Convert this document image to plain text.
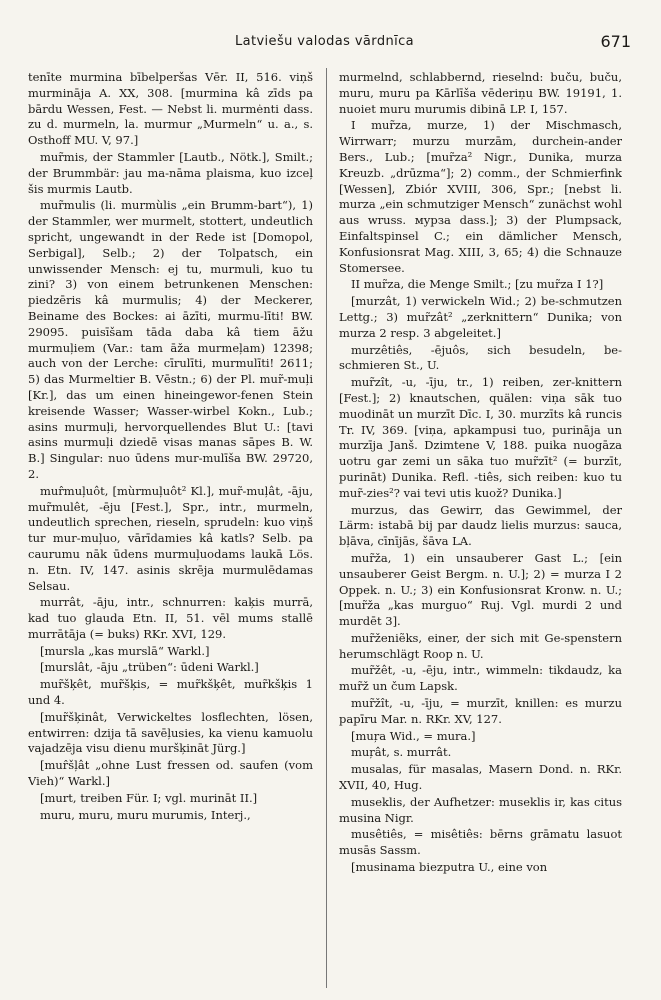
Latviešu valodas vārdnīca	671

tenīte murmina bībelperšas Vēr. II, 516. viņš murmināja A. XX, 308. [murmina kâ zīds pa bārdu Wessen, Fest. — Nebst li. murmėnti dass. zu d. murmeln, la. murmur „Murmeln“ u. a., s. Osthoff MU. V, 97.]

mur̃mis, der Stammler [Lautb., Nötk.], Smilt.; der Brummbär: jau ma-nāma plaisma, kuo izceļ šis murmis Lautb.

mur̃mulis (li. murmùlis „ein Brumm-bart“), 1) der Stammler, wer murmelt, stottert, undeutlich spricht, ungewandt in der Rede ist [Domopol, Serbigal], Selb.; 2) der Tolpatsch, ein unwissender Mensch: ej tu, murmuli, kuo tu zini? 3) von einem betrunkenen Menschen: piedzēris kâ murmulis; 4) der Meckerer, Beiname des Bockes: ai āzīti, murmu-līti! BW. 29095. puisīšam tāda daba kâ tiem āžu murmuļiem (Var.: tam āža murmeļam) 12398; auch von der Lerche: cīrulīti, murmulīti! 2611; 5) das Murmeltier B. Vēstn.; 6) der Pl. mur̃-muļi [Kr.], das um einen hineingewor-fenen Stein kreisende Wasser; Wasser-wirbel Kokn., Lub.; asins murmuļi, hervorquellendes Blut U.: [tavi asins murmuļi dziedē visas manas sāpes B. W. B.] Singular: nuo ūdens mur-mulīša BW. 29720, 2.

mur̂muļuôt, [mùrmuļuôt² Kl.], mur̃-muļât, -āju, mur̃mulêt, -ēju [Fest.], Spr., intr., murmeln, undeutlich sprechen, rieseln, sprudeln: kuo viņš tur mur-muļuo, vārīdamies kâ katls? Selb. pa caurumu nāk ūdens murmuļuodams laukā Lös. n. Etn. IV, 147. asinis skrēja murmulēdamas Selsau.

murrât, -āju, intr., schnurren: kaķis murrā, kad tuo glauda Etn. II, 51. vēl mums stallē murrātāja (= buks) RKr. XVI, 129.

[mursla „kas murslā“ Warkl.]

[murslât, -āju „trüben“: ūdeni Warkl.]

mur̃šķêt, mur̃šķis, = mur̃kšķêt, mur̃kšķis 1 und 4.

[mur̃šķinât, Verwickeltes losflechten, lösen, entwirren: dzija tā savēļusies, ka vienu kamuolu vajadzēja visu dienu muršķināt Jürg.]

[mur̂šļât „ohne Lust fressen od. saufen (vom Vieh)“ Warkl.]

[murt, treiben Für. I; vgl. murināt II.]

muru, muru, muru murumis, Interj.,

murmelnd, schlabbernd, rieselnd: buču, buču, muru, muru pa Kārlīša vēderiņu BW. 19191, 1. nuoiet muru murumis dibinā LP. I, 157.

I mur̃za, murze, 1) der Mischmasch, Wirrwarr; murzu murzām, durchein-ander Bers., Lub.; [mur̃za² Nigr., Dunika, murza Kreuzb. „drūzma“]; 2) comm., der Schmierfink [Wessen], Zbiór XVIII, 306, Spr.; [nebst li. murza „ein schmutziger Mensch“ zunächst wohl aus wruss. мурза dass.]; 3) der Plumpsack, Einfaltspinsel C.; ein dämlicher Mensch, Konfusionsrat Mag. XIII, 3, 65; 4) die Schnauze Stomersee.

II mur̃za, die Menge Smilt.; [zu mur̃za I 1?]

[murzât, 1) verwickeln Wid.; 2) be-schmutzen Lettg.; 3) mur̃zât² „zerknittern“ Dunika; von murza 2 resp. 3 abgeleitet.]

murzêtiês, -ējuôs, sich besudeln, be-schmieren St., U.

mur̃zît, -u, -īju, tr., 1) reiben, zer-knittern [Fest.]; 2) knautschen, quälen: viņa sāk tuo muodināt un murzīt Dīc. I, 30. murzīts kâ runcis Tr. IV, 369. [viņa, apkampusi tuo, purināja un murzīja Janš. Dzimtene V, 188. puika nuogāza uotru gar zemi un sāka tuo mur̃zīt² (= burzīt, purināt) Dunika. Refl. -tiês, sich reiben: kuo tu mur̃-zies²? vai tevi utis kuož? Dunika.]

murzus, das Gewirr, das Gewimmel, der Lärm: istabā bij par daudz lielis murzus: sauca, bļāva, cīnījās, šāva LA.

mur̃ža, 1) ein unsauberer Gast L.; [ein unsauberer Geist Bergm. n. U.]; 2) = murza I 2 Oppek. n. U.; 3) ein Konfusionsrat Kronw. n. U.; [mur̃ža „kas murguo“ Ruj. Vgl. murdi 2 und murdēt 3].

mur̃ženiẽks, einer, der sich mit Ge-spenstern herumschlägt Roop n. U.

mur̃žêt, -u, -ēju, intr., wimmeln: tikdaudz, ka mur̃ž un čum Lapsk.

mur̃žît, -u, -īju, = murzīt, knillen: es murzu papīru Mar. n. RKr. XV, 127.

[muŗa Wid., = mura.]

muŗât, s. murrât.

musalas, für masalas, Masern Dond. n. RKr. XVII, 40, Hug.

museklis, der Aufhetzer: museklis ir, kas citus musina Nigr.

musêtiês, = misêtiês: bērns grāmatu lasuot musās Sassm.

[musinama biezputra U., eine von
